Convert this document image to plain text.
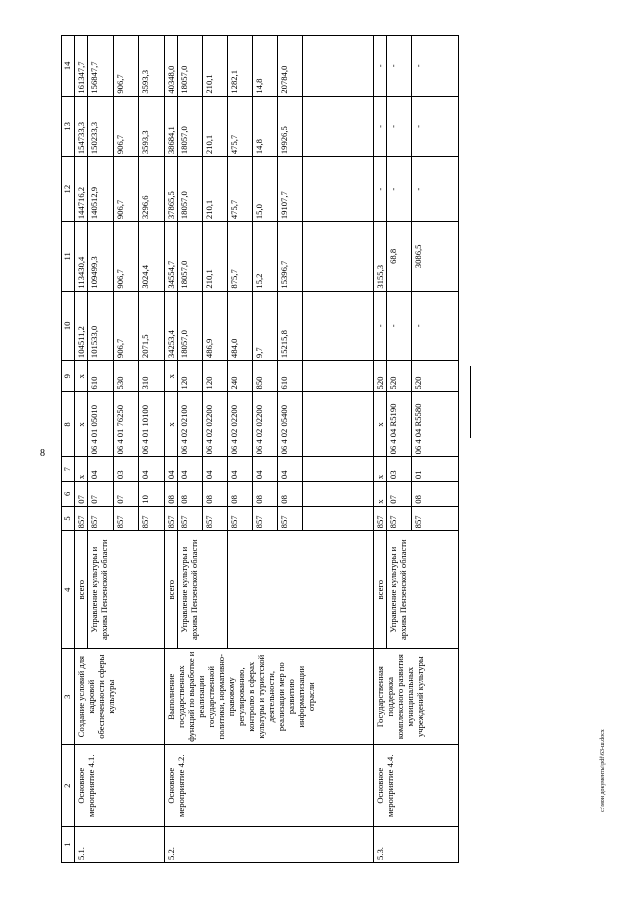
8
c:\мои документы\pdf\63-ш.docx
1	2	3	4	5	6	7	8	9	10	11	12	13	14
5.1.	Основное мероприятие 4.1.	Создание условий для кадровой обеспеченности сферы культуры	всего	857	07	x	x	x	104511,2	113430,4	144716,2	154733,3	161347,7
			Управление культуры и архива Пензенской области	857	07	04	06 4 01 05010	610	101533,0	109499,3	140512,9	150233,3	156847,7

				857	07	03	06 4 01 76250	530	906,7	906,7	906,7	906,7	906,7
				857	10	04	06 4 01 10100	310	2071,5	3024,4	3296,6	3593,3	3593,3
5.2.	Основное мероприятие 4.2.	Выполнение государственных функций по выработке и реализации государственной политики, нормативно-правовому регулированию, контролю в сферах культуры и туристской деятельности, реализации мер по развитию информатизации отрасли	всего	857	08	04	x	x	34253,4	34554,7	37865,5	38684,1	40348,0
			Управление культуры и архива Пензенской области	857	08	04	06 4 02 02100	120	18057,0	18057,0	18057,0	18057,0	18057,0
				857	08	04	06 4 02 02200	120	486,9	210,1	210,1	210,1	210,1
				857	08	04	06 4 02 02200	240	484,0	875,7	475,7	475,7	1282,1
				857	08	04	06 4 02 02200	850	9,7	15,2	15,0	14,8	14,8
				857	08	04	06 4 02 05400	610	15215,8	15396,7	19107,7	19926,5	20784,0

5.3.	Основное мероприятие 4.4.	Государственная поддержка комплексного развития муниципальных учреждений культуры	всего	857	x	x	x	520	-	3155,3	-	-	-
			Управление культуры и архива Пензенской области	857	07	03	06 4 04 R5190	520	-	68,8	-	-	-
				857	08	01	06 4 04 R5580	520	-	3086,5	-	-	-
